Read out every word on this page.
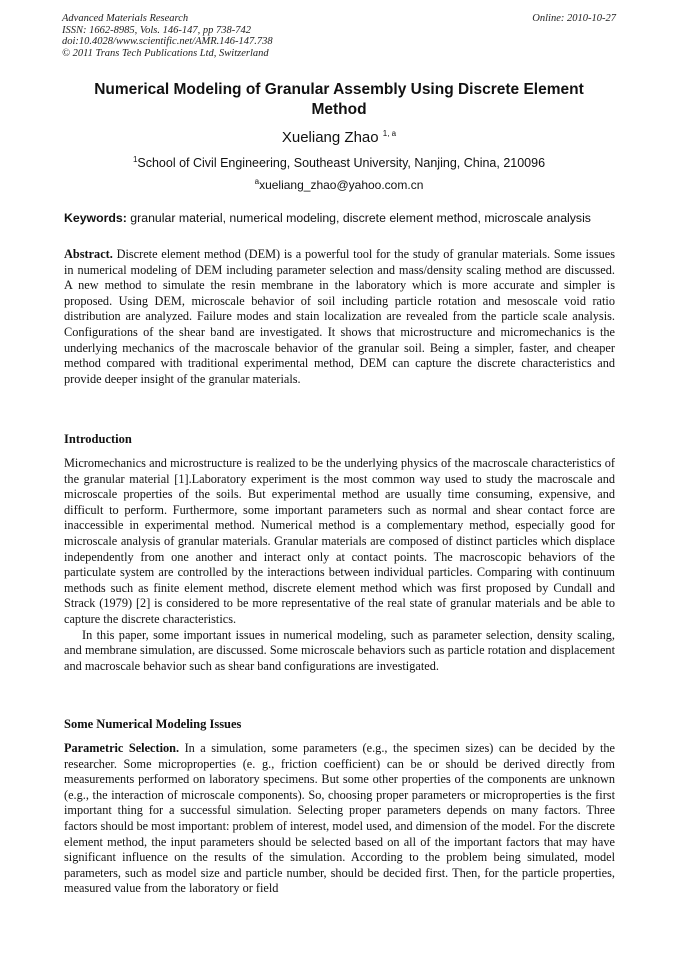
Advanced Materials Research
ISSN: 1662-8985, Vols. 146-147, pp 738-742
doi:10.4028/www.scientific.net/AMR.146-147.738
© 2011 Trans Tech Publications Ltd, Switzerland
Online: 2010-10-27
Numerical Modeling of Granular Assembly Using Discrete Element Method
Xueliang Zhao $^{1, a}$
$^1$School of Civil Engineering, Southeast University, Nanjing, China, 210096
$^a$xueliang_zhao@yahoo.com.cn
Keywords: granular material, numerical modeling, discrete element method, microscale analysis

Abstract. Discrete element method (DEM) is a powerful tool for the study of granular materials. Some issues in numerical modeling of DEM including parameter selection and mass/density scaling method are discussed. A new method to simulate the resin membrane in the laboratory which is more accurate and simpler is proposed. Using DEM, microscale behavior of soil including particle rotation and mesoscale void ratio distribution are analyzed. Failure modes and stain localization are revealed from the particle scale analysis. Configurations of the shear band are investigated. It shows that microstructure and micromechanics is the underlying mechanics of the macroscale behavior of the granular soil. Being a simpler, faster, and cheaper method compared with traditional experimental method, DEM can capture the discrete characteristics and provide deeper insight of the granular materials.

Introduction

Micromechanics and microstructure is realized to be the underlying physics of the macroscale characteristics of the granular material [1].Laboratory experiment is the most common way used to study the macroscale and microscale properties of the soils. But experimental method are usually time consuming, expensive, and difficult to perform. Furthermore, some important parameters such as normal and shear contact force are inaccessible in experimental method. Numerical method is a complementary method, especially good for microscale analysis of granular materials. Granular materials are composed of distinct particles which displace independently from one another and interact only at contact points. The macroscopic behaviors of the particulate system are controlled by the interactions between individual particles. Comparing with continuum methods such as finite element method, discrete element method which was first proposed by Cundall and Strack (1979) [2] is considered to be more representative of the real state of granular materials and be able to capture the discrete characteristics.

In this paper, some important issues in numerical modeling, such as parameter selection, density scaling, and membrane simulation, are discussed. Some microscale behaviors such as particle rotation and displacement and macroscale behavior such as shear band configurations are investigated.

Some Numerical Modeling Issues

Parametric Selection. In a simulation, some parameters (e.g., the specimen sizes) can be decided by the researcher. Some microproperties (e. g., friction coefficient) can be or should be derived directly from measurements performed on laboratory specimens. But some other properties of the components are unknown (e.g., the interaction of microscale components). So, choosing proper parameters or microproperties is the first important thing for a successful simulation. Selecting proper parameters depends on many factors. Three factors should be most important: problem of interest, model used, and dimension of the model. For the discrete element method, the input parameters should be selected based on all of the important factors that may have significant influence on the results of the simulation. According to the problem being simulated, model parameters, such as model size and particle number, should be decided first. Then, for the particle properties, measured value from the laboratory or field
